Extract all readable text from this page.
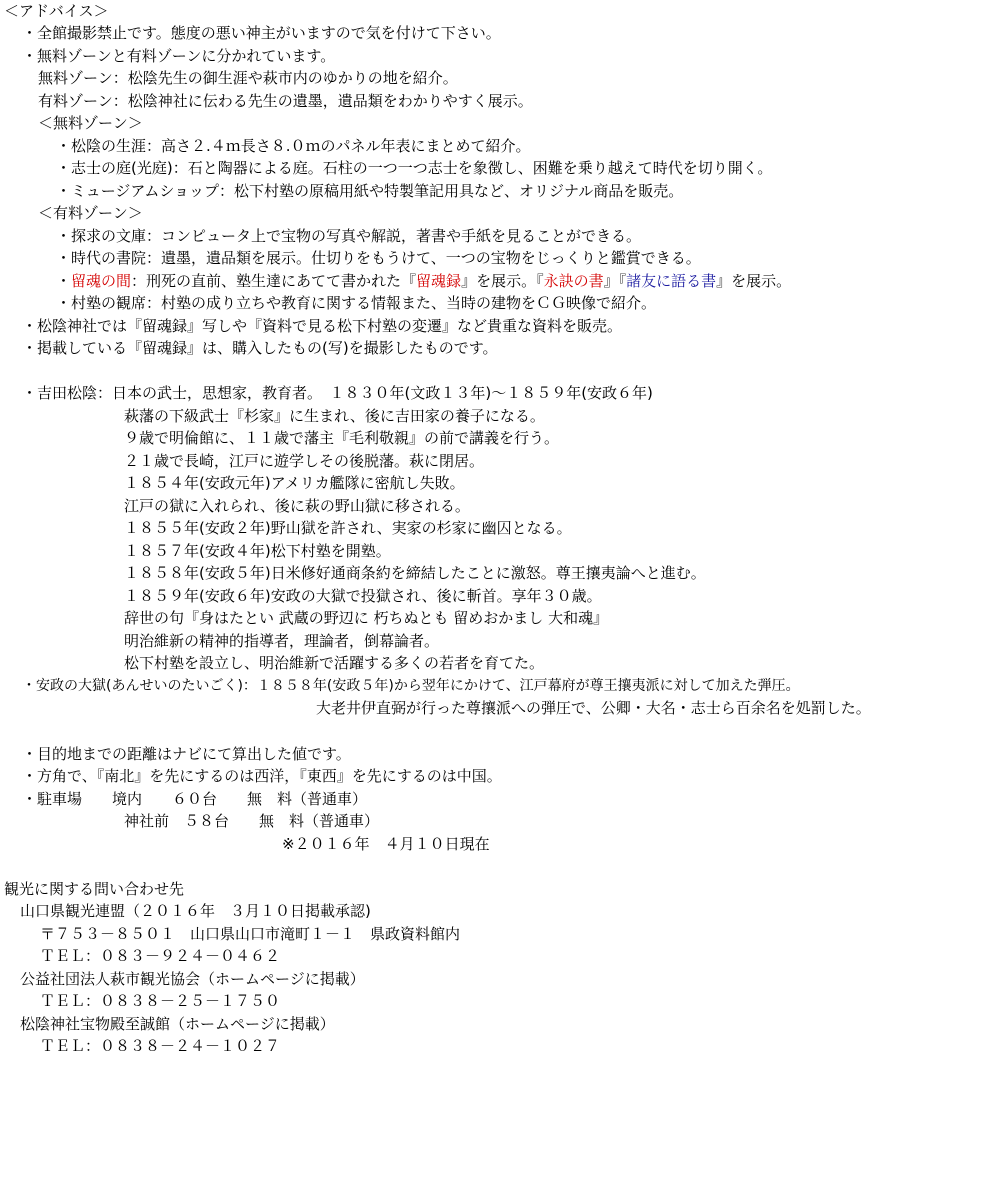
＜アドバイス＞
・全館撮影禁止です。態度の悪い神主がいますので気を付けて下さい。
・無料ゾーンと有料ゾーンに分かれています。
無料ゾーン：松陰先生の御生涯や萩市内のゆかりの地を紹介。
有料ゾーン：松陰神社に伝わる先生の遺墨，遺品類をわかりやすく展示。
＜無料ゾーン＞
・松陰の生涯：高さ２.４ｍ長さ８.０ｍのパネル年表にまとめて紹介。
・志士の庭(光庭)：石と陶器による庭。石柱の一つ一つ志士を象徴し、困難を乗り越えて時代を切り開く。
・ミュージアムショップ：松下村塾の原稿用紙や特製筆記用具など、オリジナル商品を販売。
＜有料ゾーン＞
・探求の文庫：コンピュータ上で宝物の写真や解説，著書や手紙を見ることができる。
・時代の書院：遺墨，遺品類を展示。仕切りをもうけて、一つの宝物をじっくりと鑑賞できる。
・留魂の間：刑死の直前、塾生達にあてて書かれた『留魂録』を展示。『永訣の書』『諸友に語る書』を展示。
・村塾の観席：村塾の成り立ちや教育に関する情報また、当時の建物をＣＧ映像で紹介。
・松陰神社では『留魂録』写しや『資料で見る松下村塾の変遷』など貴重な資料を販売。
・掲載している『留魂録』は、購入したもの(写)を撮影したものです。
・吉田松陰：日本の武士，思想家，教育者。　１８３０年(文政１３年)～１８５９年(安政６年)
萩藩の下級武士『杉家』に生まれ、後に吉田家の養子になる。
９歳で明倫館に、１１歳で藩主『毛利敬親』の前で講義を行う。
２１歳で長崎，江戸に遊学しその後脱藩。萩に閉居。
１８５４年(安政元年)アメリカ艦隊に密航し失敗。
江戸の獄に入れられ、後に萩の野山獄に移される。
１８５５年(安政２年)野山獄を許され、実家の杉家に幽囚となる。
１８５７年(安政４年)松下村塾を開塾。
１８５８年(安政５年)日米修好通商条約を締結したことに激怒。尊王攘夷論へと進む。
１８５９年(安政６年)安政の大獄で投獄され、後に斬首。享年３０歳。
辞世の句『身はたとい 武蔵の野辺に 朽ちぬとも 留めおかまし 大和魂』
明治維新の精神的指導者，理論者，倒幕論者。
松下村塾を設立し、明治維新で活躍する多くの若者を育てた。
・安政の大獄(あんせいのたいごく)：１８５８年(安政５年)から翌年にかけて、江戸幕府が尊王攘夷派に対して加えた弾圧。
大老井伊直弼が行った尊攘派への弾圧で、公卿・大名・志士ら百余名を処罰した。
・目的地までの距離はナビにて算出した値です。
・方角で、『南北』を先にするのは西洋，『東西』を先にするのは中国。
・駐車場　　境内　　６０台　　無　料（普通車）
神社前　５８台　　無　料（普通車）
※２０１６年　４月１０日現在
観光に関する問い合わせ先
山口県観光連盟（２０１６年　３月１０日掲載承認)
〒７５３－８５０１　山口県山口市滝町１－１　県政資料館内
ＴＥＬ：０８３－９２４－０４６２
公益社団法人萩市観光協会（ホームページに掲載）
ＴＥＬ：０８３８－２５－１７５０
松陰神社宝物殿至誠館（ホームページに掲載）
ＴＥＬ：０８３８－２４－１０２７
